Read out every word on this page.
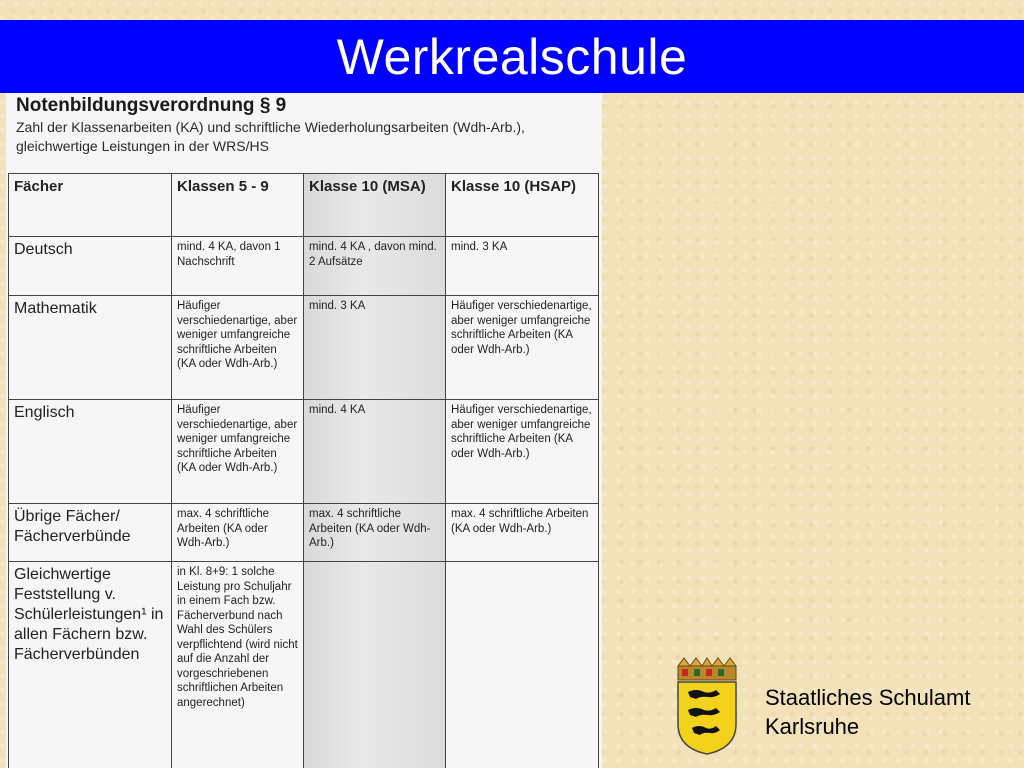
Werkrealschule
Notenbildungsverordnung § 9
Zahl der Klassenarbeiten (KA) und schriftliche Wiederholungsarbeiten (Wdh-Arb.),
gleichwertige Leistungen in der WRS/HS
Fächer	Klassen 5 - 9	Klasse 10 (MSA)	Klasse 10 (HSAP)
Deutsch	mind. 4 KA, davon 1 Nachschrift	mind. 4 KA , davon mind. 2 Aufsätze	mind. 3 KA
Mathematik	Häufiger verschiedenartige, aber weniger umfangreiche schriftliche Arbeiten (KA oder Wdh-Arb.)	mind. 3 KA	Häufiger verschiedenartige, aber weniger umfangreiche schriftliche Arbeiten (KA oder Wdh-Arb.)
Englisch	Häufiger verschiedenartige, aber weniger umfangreiche schriftliche Arbeiten (KA oder Wdh-Arb.)	mind. 4 KA	Häufiger verschiedenartige, aber weniger umfangreiche schriftliche Arbeiten (KA oder Wdh-Arb.)
Übrige Fächer/ Fächerverbünde	max. 4 schriftliche Arbeiten (KA oder Wdh-Arb.)	max. 4 schriftliche Arbeiten (KA oder Wdh-Arb.)	max. 4 schriftliche Arbeiten (KA oder Wdh-Arb.)
Gleichwertige Feststellung v. Schülerleistungen¹ in allen Fächern bzw. Fächerverbünden	in Kl. 8+9: 1 solche Leistung pro Schuljahr in einem Fach bzw. Fächerverbund nach Wahl des Schülers verpflichtend (wird nicht auf die Anzahl der vorgeschriebenen schriftlichen Arbeiten angerechnet)			Staatliches Schulamt
Karlsruhe
